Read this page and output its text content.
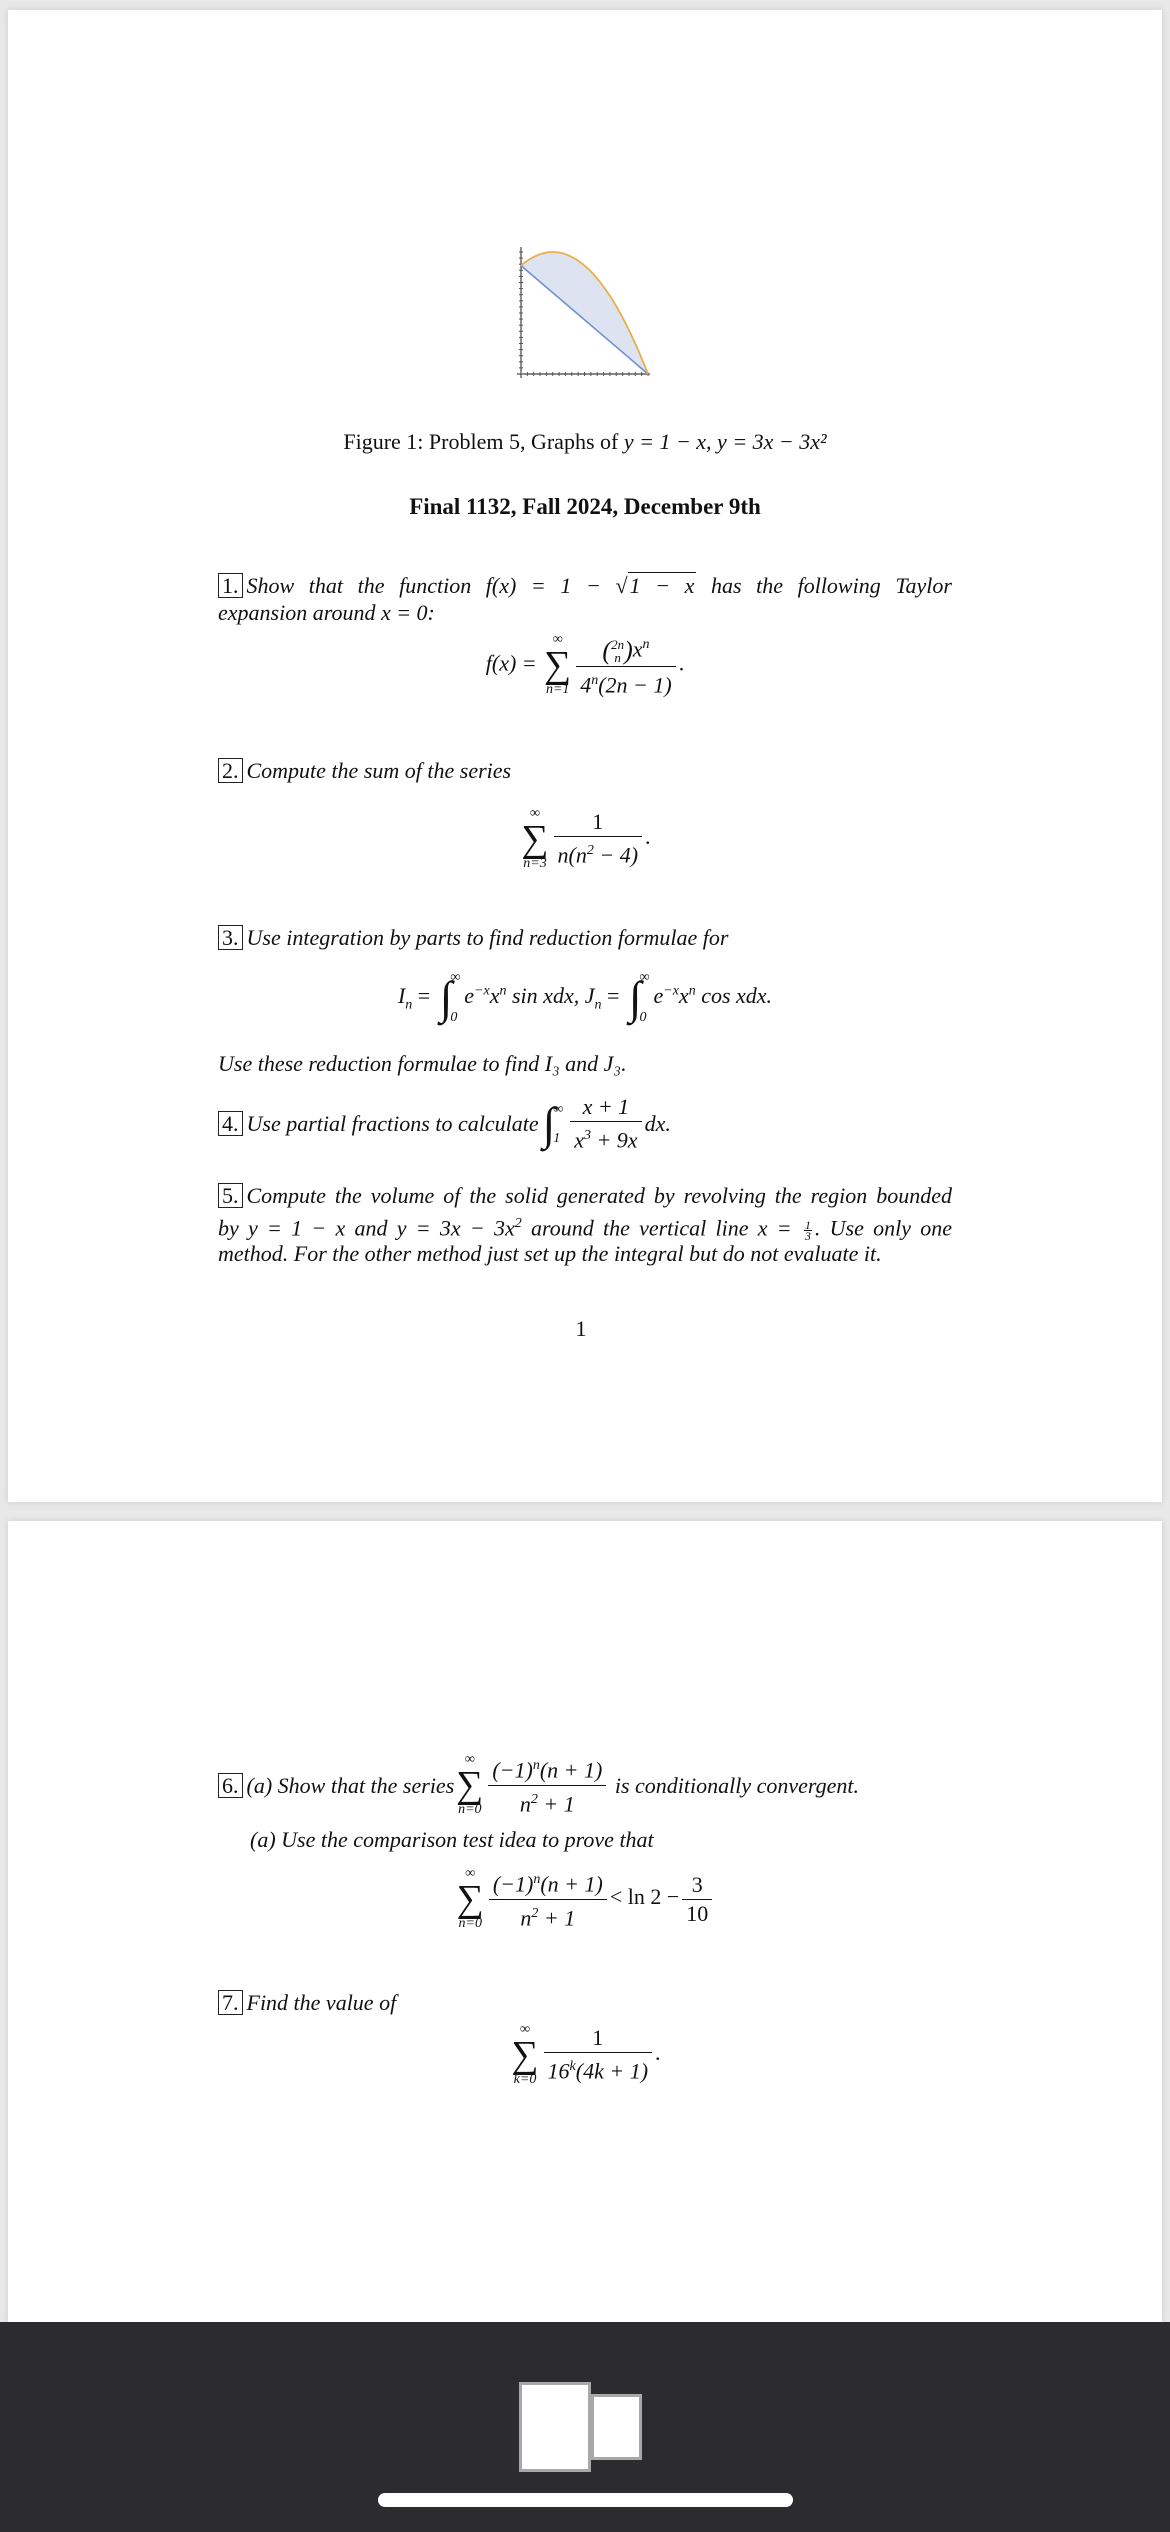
Figure 1: Problem 5, Graphs of y = 1 − x, y = 3x − 3x²
Final 1132, Fall 2024, December 9th
1. Show that the function f(x) = 1 − √1 − x has the following Taylor
expansion around x = 0:
f(x) =
∞
∑
n=1 ( 2n
n ) $x^n$
$4^n(2n - 1)$ .
2. Compute the sum of the series
∞
∑
$n=3 \frac{1}{n(n^2 - 4)}$ .
3. Use integration by parts to find reduction formulae for
$I_n$ = ∫
∞
0
$e^{-x}x^n$ sin xdx, $J_n$ = ∫
∞
0
$e^{-x}x^n$ cos xdx.
Use these reduction formulae to find I₃ and J₃.
4. Use partial fractions to calculate ∫
∞
$1 \frac{x + 1}{x^3 + 9x}$ dx.
5. Compute the volume of the solid generated by revolving the region bounded
by y = 1 − x and $y = 3x - 3x^2$ around the vertical line $x = \frac{1}{3}$ . Use only one
method. For the other method just set up the integral but do not evaluate it.
1
6. (a) Show that the series
∞
∑
$n=0 \frac{(-1)^n(n + 1)}{n^2 + 1}$
is conditionally convergent.
(a) Use the comparison test idea to prove that
∞
∑
$n=0 \frac{(-1)^n(n + 1)}{n^2 + 1} < \ln 2 - \frac{3}{10}$
7. Find the value of
∞
∑
$k=0 \frac{1}{16^k(4k + 1)}$ .
